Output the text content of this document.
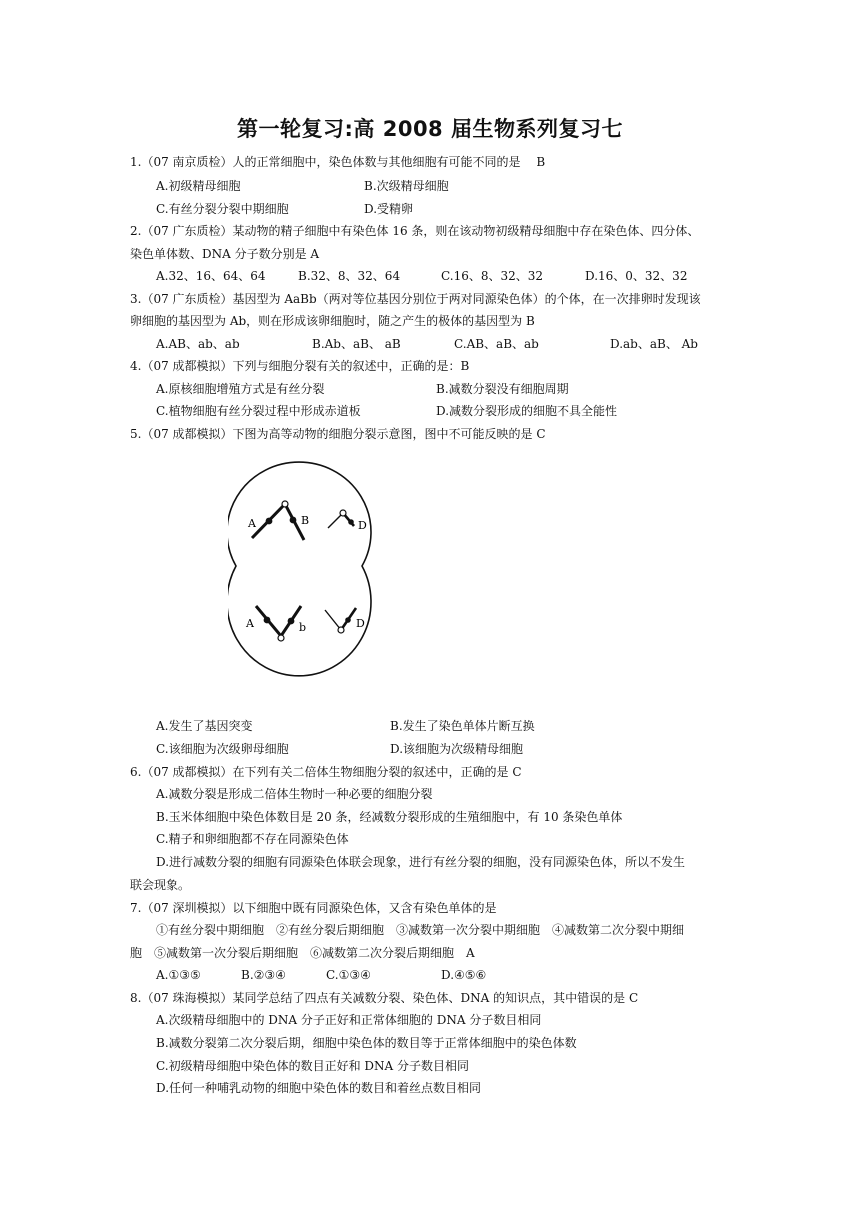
第一轮复习:高 2008 届生物系列复习七
1.（07 南京质检）人的正常细胞中，染色体数与其他细胞有可能不同的是　 B
A.初级精母细胞	B.次级精母细胞
C.有丝分裂分裂中期细胞	D.受精卵
2.（07 广东质检）某动物的精子细胞中有染色体 16 条，则在该动物初级精母细胞中存在染色体、四分体、
染色单体数、DNA 分子数分别是 A
A.32、16、64、64	B.32、8、32、64	C.16、8、32、32	D.16、0、32、32
3.（07 广东质检）基因型为 AaBb（两对等位基因分别位于两对同源染色体）的个体，在一次排卵时发现该
卵细胞的基因型为 Ab，则在形成该卵细胞时，随之产生的极体的基因型为 B
A.AB、ab、ab	B.Ab、aB、 aB	C.AB、aB、ab	D.ab、aB、 Ab
4.（07 成都模拟）下列与细胞分裂有关的叙述中，正确的是：B
A.原核细胞增殖方式是有丝分裂	B.减数分裂没有细胞周期
C.植物细胞有丝分裂过程中形成赤道板	D.减数分裂形成的细胞不具全能性
5.（07 成都模拟）下图为高等动物的细胞分裂示意图，图中不可能反映的是 C
A	B	D
A	b	D
A.发生了基因突变	B.发生了染色单体片断互换
C.该细胞为次级卵母细胞	D.该细胞为次级精母细胞
6.（07 成都模拟）在下列有关二倍体生物细胞分裂的叙述中，正确的是 C
A.减数分裂是形成二倍体生物时一种必要的细胞分裂
B.玉米体细胞中染色体数目是 20 条，经减数分裂形成的生殖细胞中，有 10 条染色单体
C.精子和卵细胞都不存在同源染色体
D.进行减数分裂的细胞有同源染色体联会现象，进行有丝分裂的细胞，没有同源染色体，所以不发生
联会现象。
7.（07 深圳模拟）以下细胞中既有同源染色体，又含有染色单体的是
①有丝分裂中期细胞　②有丝分裂后期细胞　③减数第一次分裂中期细胞　④减数第二次分裂中期细
胞　⑤减数第一次分裂后期细胞　⑥减数第二次分裂后期细胞　A
A.①③⑤	B.②③④	C.①③④	D.④⑤⑥
8.（07 珠海模拟）某同学总结了四点有关减数分裂、染色体、DNA 的知识点，其中错误的是 C
A.次级精母细胞中的 DNA 分子正好和正常体细胞的 DNA 分子数目相同
B.减数分裂第二次分裂后期，细胞中染色体的数目等于正常体细胞中的染色体数
C.初级精母细胞中染色体的数目正好和 DNA 分子数目相同
D.任何一种哺乳动物的细胞中染色体的数目和着丝点数目相同
